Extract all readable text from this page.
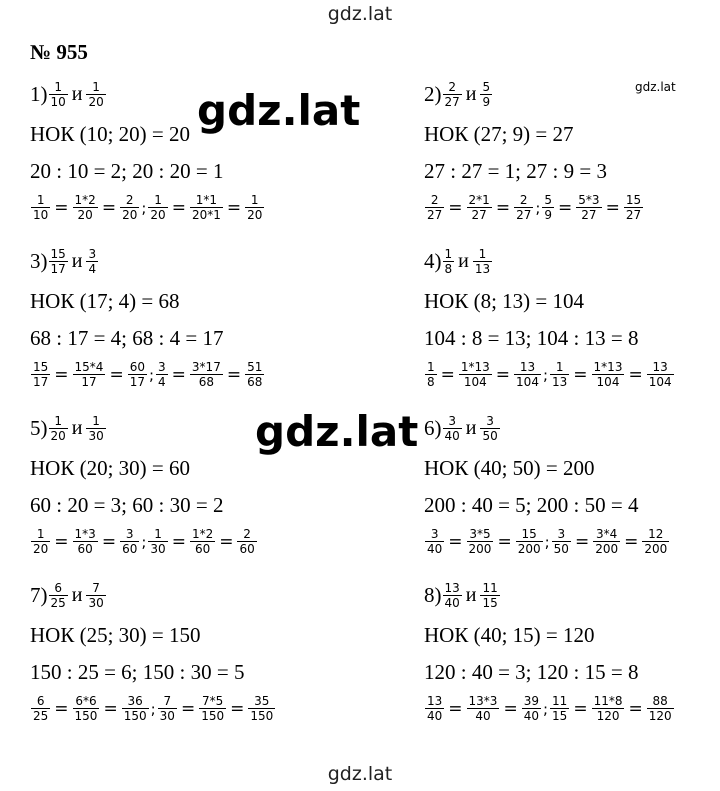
gdz.lat
№ 955
gdz.lat
gdz.lat
gdz.lat
$1) \frac{1}{10}$ и $\frac{1}{20}$
НОК (10; 20) = 20
20 : 10 = 2; 20 : 20 = 1
$\frac{1}{10} = \frac{1*2}{20} = \frac{2}{20}$ ; $\frac{1}{20} = \frac{1*1}{20*1} = \frac{1}{20}$
$2) \frac{2}{27}$ и $\frac{5}{9}$
НОК (27; 9) = 27
27 : 27 = 1; 27 : 9 = 3
$\frac{2}{27} = \frac{2*1}{27} = \frac{2}{27}$ ; $\frac{5}{9} = \frac{5*3}{27} = \frac{15}{27}$
$3) \frac{15}{17}$ и $\frac{3}{4}$
НОК (17; 4) = 68
68 : 17 = 4; 68 : 4 = 17
$\frac{15}{17} = \frac{15*4}{17} = \frac{60}{17}$ ; $\frac{3}{4} = \frac{3*17}{68} = \frac{51}{68}$
$4) \frac{1}{8}$ и $\frac{1}{13}$
НОК (8; 13) = 104
104 : 8 = 13; 104 : 13 = 8
$\frac{1}{8} = \frac{1*13}{104} = \frac{13}{104}$ ; $\frac{1}{13} = \frac{1*13}{104} = \frac{13}{104}$
$5) \frac{1}{20}$ и $\frac{1}{30}$
НОК (20; 30) = 60
60 : 20 = 3; 60 : 30 = 2
$\frac{1}{20} = \frac{1*3}{60} = \frac{3}{60}$ ; $\frac{1}{30} = \frac{1*2}{60} = \frac{2}{60}$
$6) \frac{3}{40}$ и $\frac{3}{50}$
НОК (40; 50) = 200
200 : 40 = 5; 200 : 50 = 4
$\frac{3}{40} = \frac{3*5}{200} = \frac{15}{200}$ ; $\frac{3}{50} = \frac{3*4}{200} = \frac{12}{200}$
$7) \frac{6}{25}$ и $\frac{7}{30}$
НОК (25; 30) = 150
150 : 25 = 6; 150 : 30 = 5
$\frac{6}{25} = \frac{6*6}{150} = \frac{36}{150}$ ; $\frac{7}{30} = \frac{7*5}{150} = \frac{35}{150}$
$8) \frac{13}{40}$ и $\frac{11}{15}$
НОК (40; 15) = 120
120 : 40 = 3; 120 : 15 = 8
$\frac{13}{40} = \frac{13*3}{40} = \frac{39}{40}$ ; $\frac{11}{15} = \frac{11*8}{120} = \frac{88}{120}$
gdz.lat
